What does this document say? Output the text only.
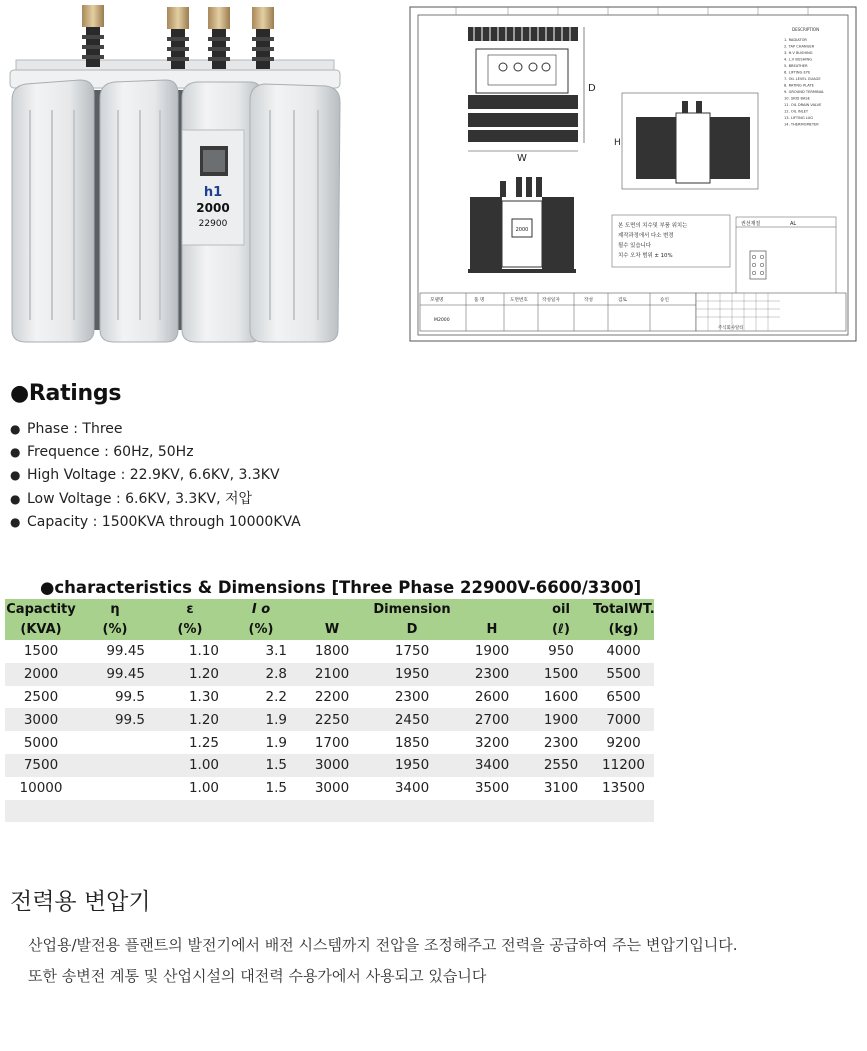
h1
2000
22900
W
D
2000
H
DESCRIPTION
1. RADIATOR
2. TAP CHANGER
3. H.V BUSHING
4. L.V BUSHING
5. BREATHER
6. LIFTING EYE
7. OIL LEVEL GUAGE
8. RATING PLATE
9. GROUND TERMINAL
10. SKID BASE
11. OIL DRAIN VALVE
12. OIL INLET
13. LIFTING LUG
14. THERMOMETER
본 도면의 치수및 부품 위치는
제작과정에서 다소 변경
될수 있습니다
치수 오차 범위 ± 10%
권선재질	AL
모델명	품 명	도면번호	작성일자	작성	검토	승인
M2000
주식회사알티
●Ratings
● Phase : Three
● Frequence : 60Hz, 50Hz
● High Voltage : 22.9KV, 6.6KV, 3.3KV
● Low Voltage : 6.6KV, 3.3KV, 저압
● Capacity : 1500KVA through 10000KVA
●characteristics & Dimensions [Three Phase 22900V-6600/3300]
Capactity	η	ε	I o		Dimension		oil	TotalWT.
(KVA)	(%)	(%)	(%)	W	D	H	(ℓ)	(kg)
1500	99.45	1.10	3.1	1800	1750	1900	950	4000
2000	99.45	1.20	2.8	2100	1950	2300	1500	5500
2500	99.5	1.30	2.2	2200	2300	2600	1600	6500
3000	99.5	1.20	1.9	2250	2450	2700	1900	7000
5000		1.25	1.9	1700	1850	3200	2300	9200
7500		1.00	1.5	3000	1950	3400	2550	11200
10000		1.00	1.5	3000	3400	3500	3100	13500

전력용 변압기
산업용/발전용 플랜트의 발전기에서 배전 시스템까지 전압을 조정해주고 전력을 공급하여 주는 변압기입니다.
또한 송변전 계통 및 산업시설의 대전력 수용가에서 사용되고 있습니다
